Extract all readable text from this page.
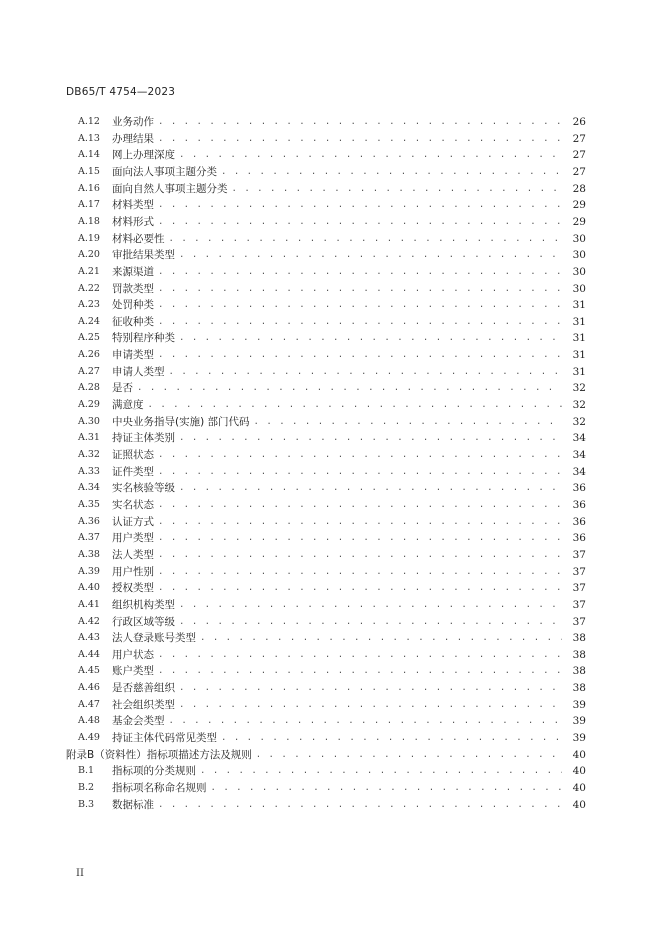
DB65/T 4754—2023
A.12	业务动作 . . .	26
A.13	办理结果 . . .	27
A.14	网上办理深度 . . .	27
A.15	面向法人事项主题分类 . . .	27
A.16	面向自然人事项主题分类 . . .	28
A.17	材料类型 . . .	29
A.18	材料形式 . . .	29
A.19	材料必要性 . . .	30
A.20	审批结果类型 . . .	30
A.21	来源渠道 . . .	30
A.22	罚款类型 . . .	30
A.23	处罚种类 . . .	31
A.24	征收种类 . . .	31
A.25	特别程序种类 . . .	31
A.26	申请类型 . . .	31
A.27	申请人类型 . . .	31
A.28	是否 . . .	32
A.29	满意度 . . .	32
A.30	中央业务指导(实施) 部门代码 . . .	32
A.31	持证主体类别 . . .	34
A.32	证照状态 . . .	34
A.33	证件类型 . . .	34
A.34	实名核验等级 . . .	36
A.35	实名状态 . . .	36
A.36	认证方式 . . .	36
A.37	用户类型 . . .	36
A.38	法人类型 . . .	37
A.39	用户性别 . . .	37
A.40	授权类型 . . .	37
A.41	组织机构类型 . . .	37
A.42	行政区域等级 . . .	37
A.43	法人登录账号类型 . . .	38
A.44	用户状态 . . .	38
A.45	账户类型 . . .	38
A.46	是否慈善组织 . . .	38
A.47	社会组织类型 . . .	39
A.48	基金会类型 . . .	39
A.49	持证主体代码常见类型 . . .	39
附录B（资料性）指标项描述方法及规则 . . .	40
B.1	指标项的分类规则 . . .	40
B.2	指标项名称命名规则 . . .	40
B.3	数据标准 . . .	40
II
